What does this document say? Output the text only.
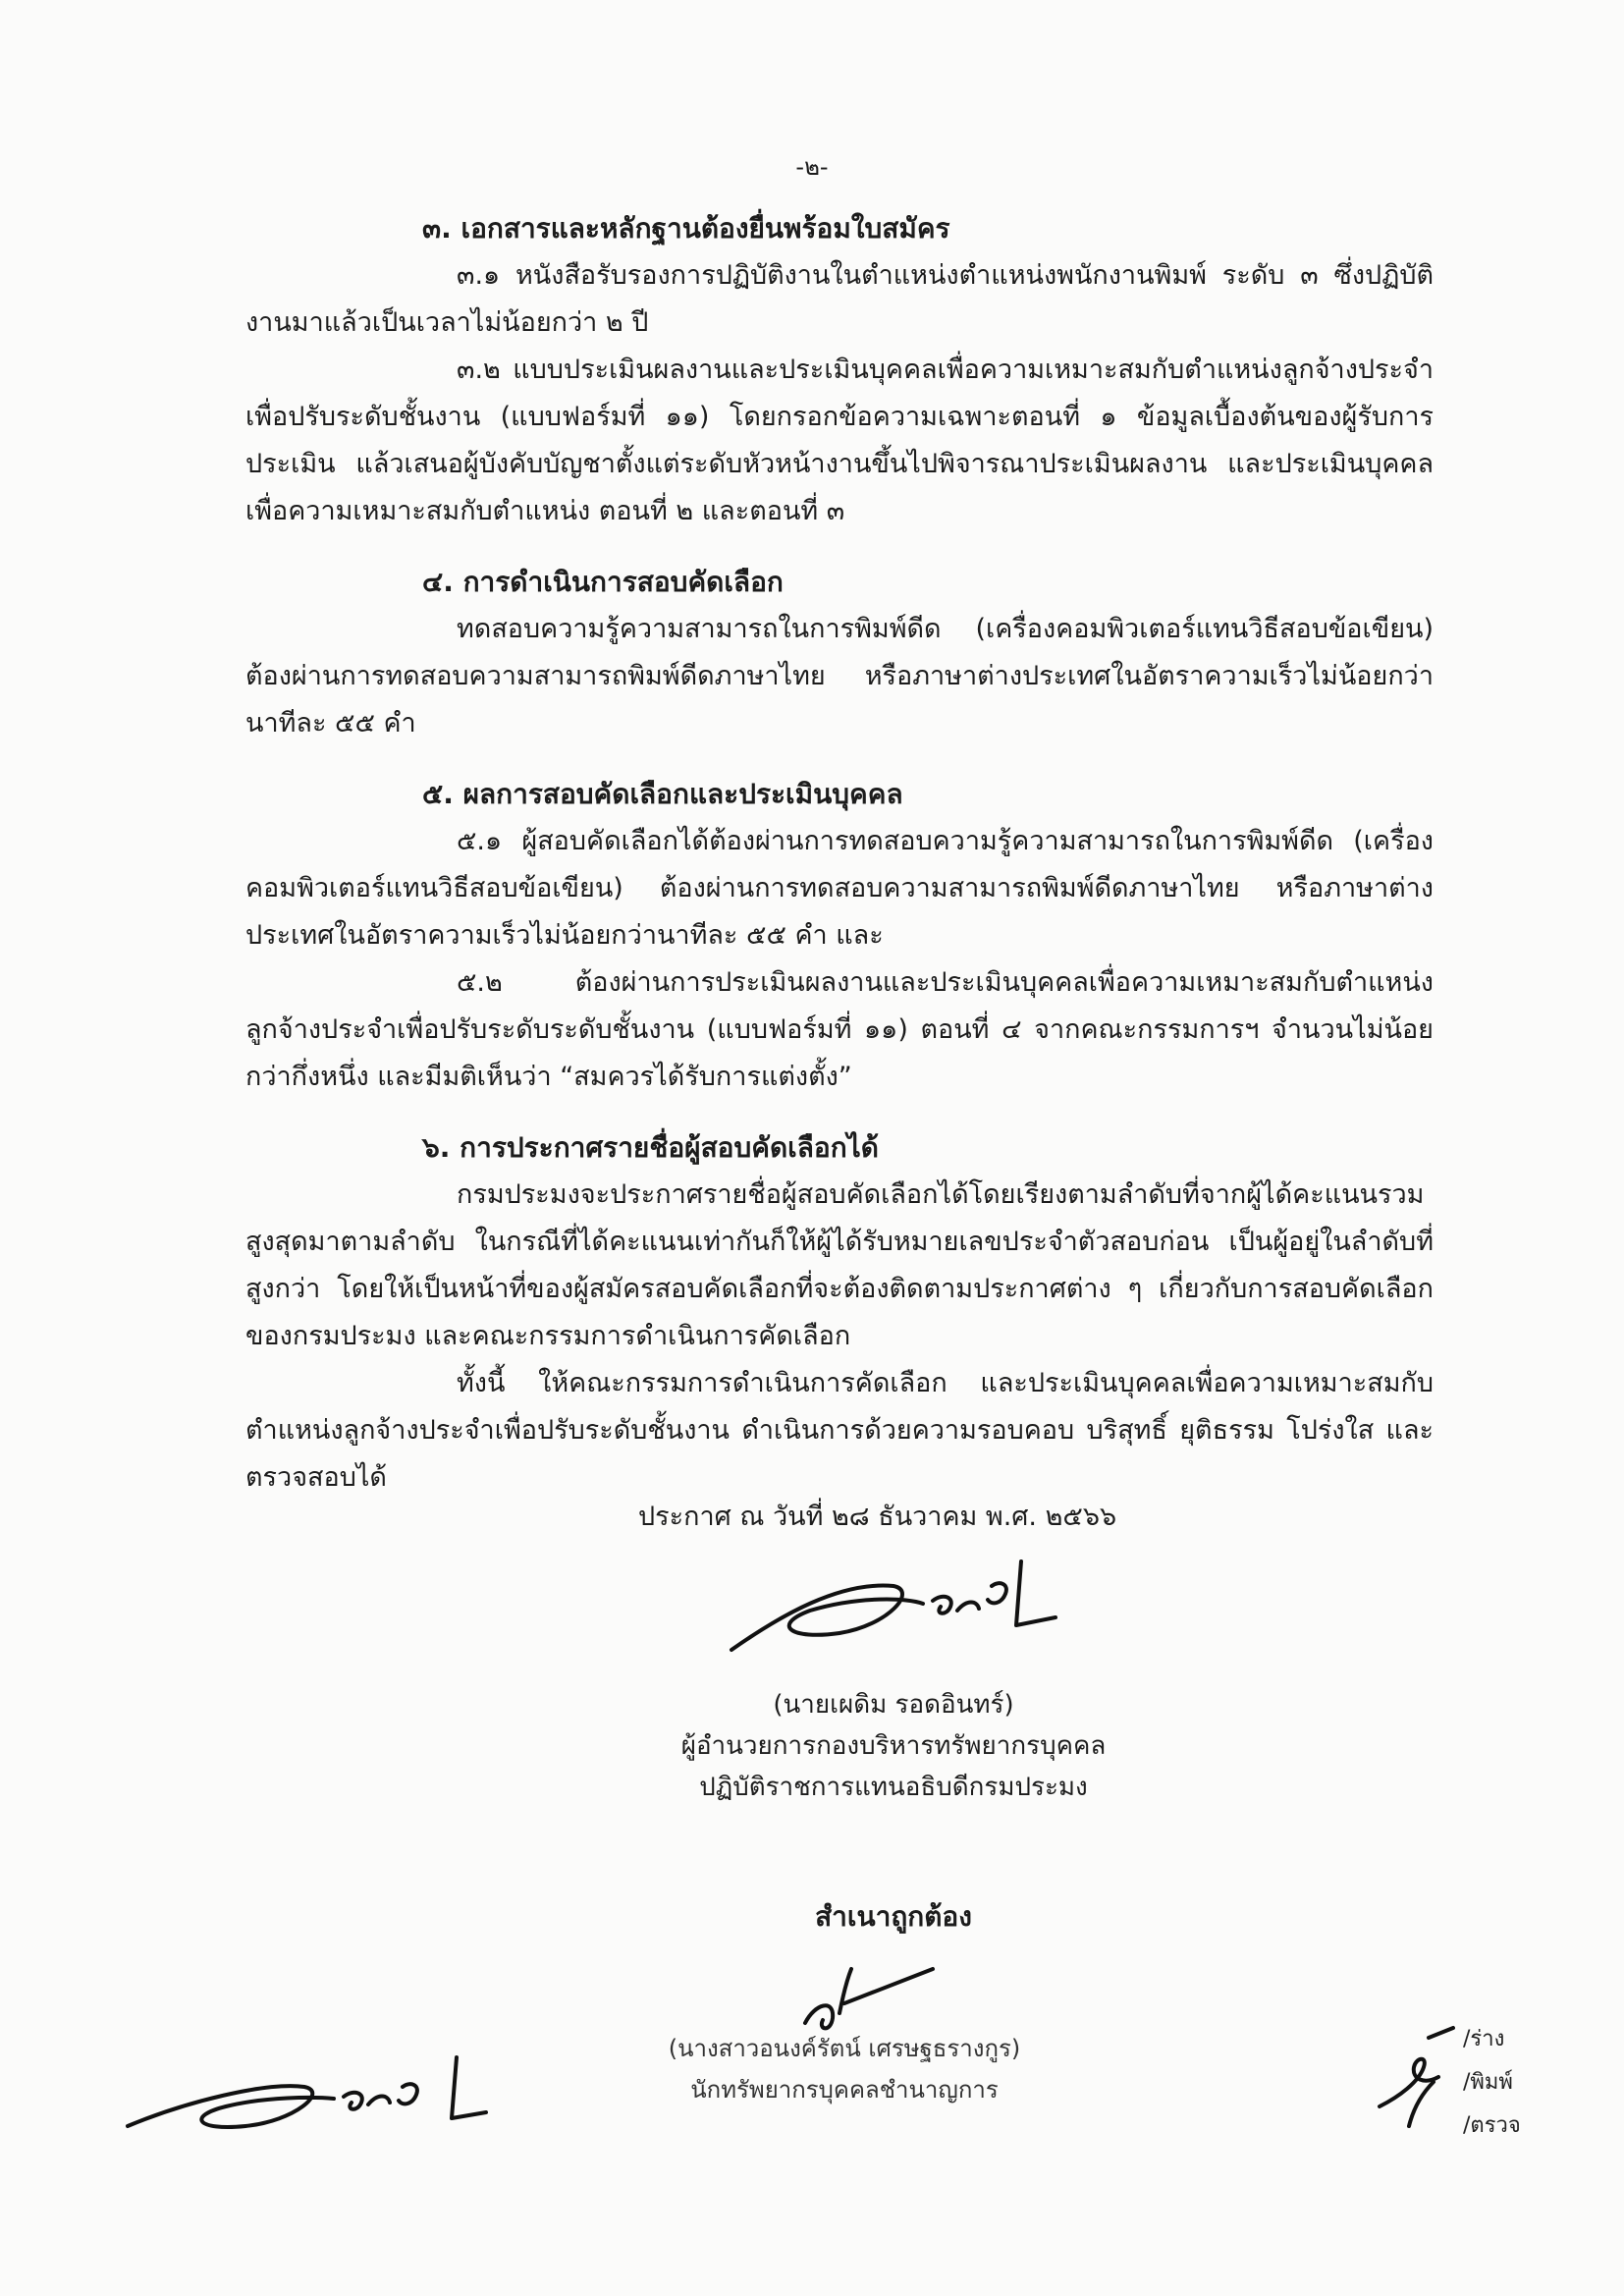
-๒-
๓. เอกสารและหลักฐานต้องยื่นพร้อมใบสมัคร

๓.๑ หนังสือรับรองการปฏิบัติงานในตำแหน่งตำแหน่งพนักงานพิมพ์ ระดับ ๓ ซึ่งปฏิบัติงานมาแล้วเป็นเวลาไม่น้อยกว่า ๒ ปี

๓.๒ แบบประเมินผลงานและประเมินบุคคลเพื่อความเหมาะสมกับตำแหน่งลูกจ้างประจำเพื่อปรับระดับชั้นงาน (แบบฟอร์มที่ ๑๑) โดยกรอกข้อความเฉพาะตอนที่ ๑ ข้อมูลเบื้องต้นของผู้รับการประเมิน แล้วเสนอผู้บังคับบัญชาตั้งแต่ระดับหัวหน้างานขึ้นไปพิจารณาประเมินผลงาน และประเมินบุคคลเพื่อความเหมาะสมกับตำแหน่ง ตอนที่ ๒ และตอนที่ ๓

๔. การดำเนินการสอบคัดเลือก

ทดสอบความรู้ความสามารถในการพิมพ์ดีด (เครื่องคอมพิวเตอร์แทนวิธีสอบข้อเขียน) ต้องผ่านการทดสอบความสามารถพิมพ์ดีดภาษาไทย หรือภาษาต่างประเทศในอัตราความเร็วไม่น้อยกว่านาทีละ ๕๕ คำ

๕. ผลการสอบคัดเลือกและประเมินบุคคล

๕.๑ ผู้สอบคัดเลือกได้ต้องผ่านการทดสอบความรู้ความสามารถในการพิมพ์ดีด (เครื่องคอมพิวเตอร์แทนวิธีสอบข้อเขียน) ต้องผ่านการทดสอบความสามารถพิมพ์ดีดภาษาไทย หรือภาษาต่างประเทศในอัตราความเร็วไม่น้อยกว่านาทีละ ๕๕ คำ และ

๕.๒ ต้องผ่านการประเมินผลงานและประเมินบุคคลเพื่อความเหมาะสมกับตำแหน่งลูกจ้างประจำเพื่อปรับระดับระดับชั้นงาน (แบบฟอร์มที่ ๑๑) ตอนที่ ๔ จากคณะกรรมการฯ จำนวนไม่น้อยกว่ากึ่งหนึ่ง และมีมติเห็นว่า “สมควรได้รับการแต่งตั้ง”

๖. การประกาศรายชื่อผู้สอบคัดเลือกได้

กรมประมงจะประกาศรายชื่อผู้สอบคัดเลือกได้โดยเรียงตามลำดับที่จากผู้ได้คะแนนรวมสูงสุดมาตามลำดับ ในกรณีที่ได้คะแนนเท่ากันก็ให้ผู้ได้รับหมายเลขประจำตัวสอบก่อน เป็นผู้อยู่ในลำดับที่สูงกว่า โดยให้เป็นหน้าที่ของผู้สมัครสอบคัดเลือกที่จะต้องติดตามประกาศต่าง ๆ เกี่ยวกับการสอบคัดเลือกของกรมประมง และคณะกรรมการดำเนินการคัดเลือก

ทั้งนี้ ให้คณะกรรมการดำเนินการคัดเลือก และประเมินบุคคลเพื่อความเหมาะสมกับตำแหน่งลูกจ้างประจำเพื่อปรับระดับชั้นงาน ดำเนินการด้วยความรอบคอบ บริสุทธิ์ ยุติธรรม โปร่งใส และตรวจสอบได้

ประกาศ ณ วันที่ ๒๘ ธันวาคม พ.ศ. ๒๕๖๖
(นายเผดิม รอดอินทร์)
ผู้อำนวยการกองบริหารทรัพยากรบุคคล
ปฏิบัติราชการแทนอธิบดีกรมประมง
สำเนาถูกต้อง
(นางสาวอนงค์รัตน์ เศรษฐธรางกูร)
นักทรัพยากรบุคคลชำนาญการ
/ร่าง
/พิมพ์
/ตรวจ
